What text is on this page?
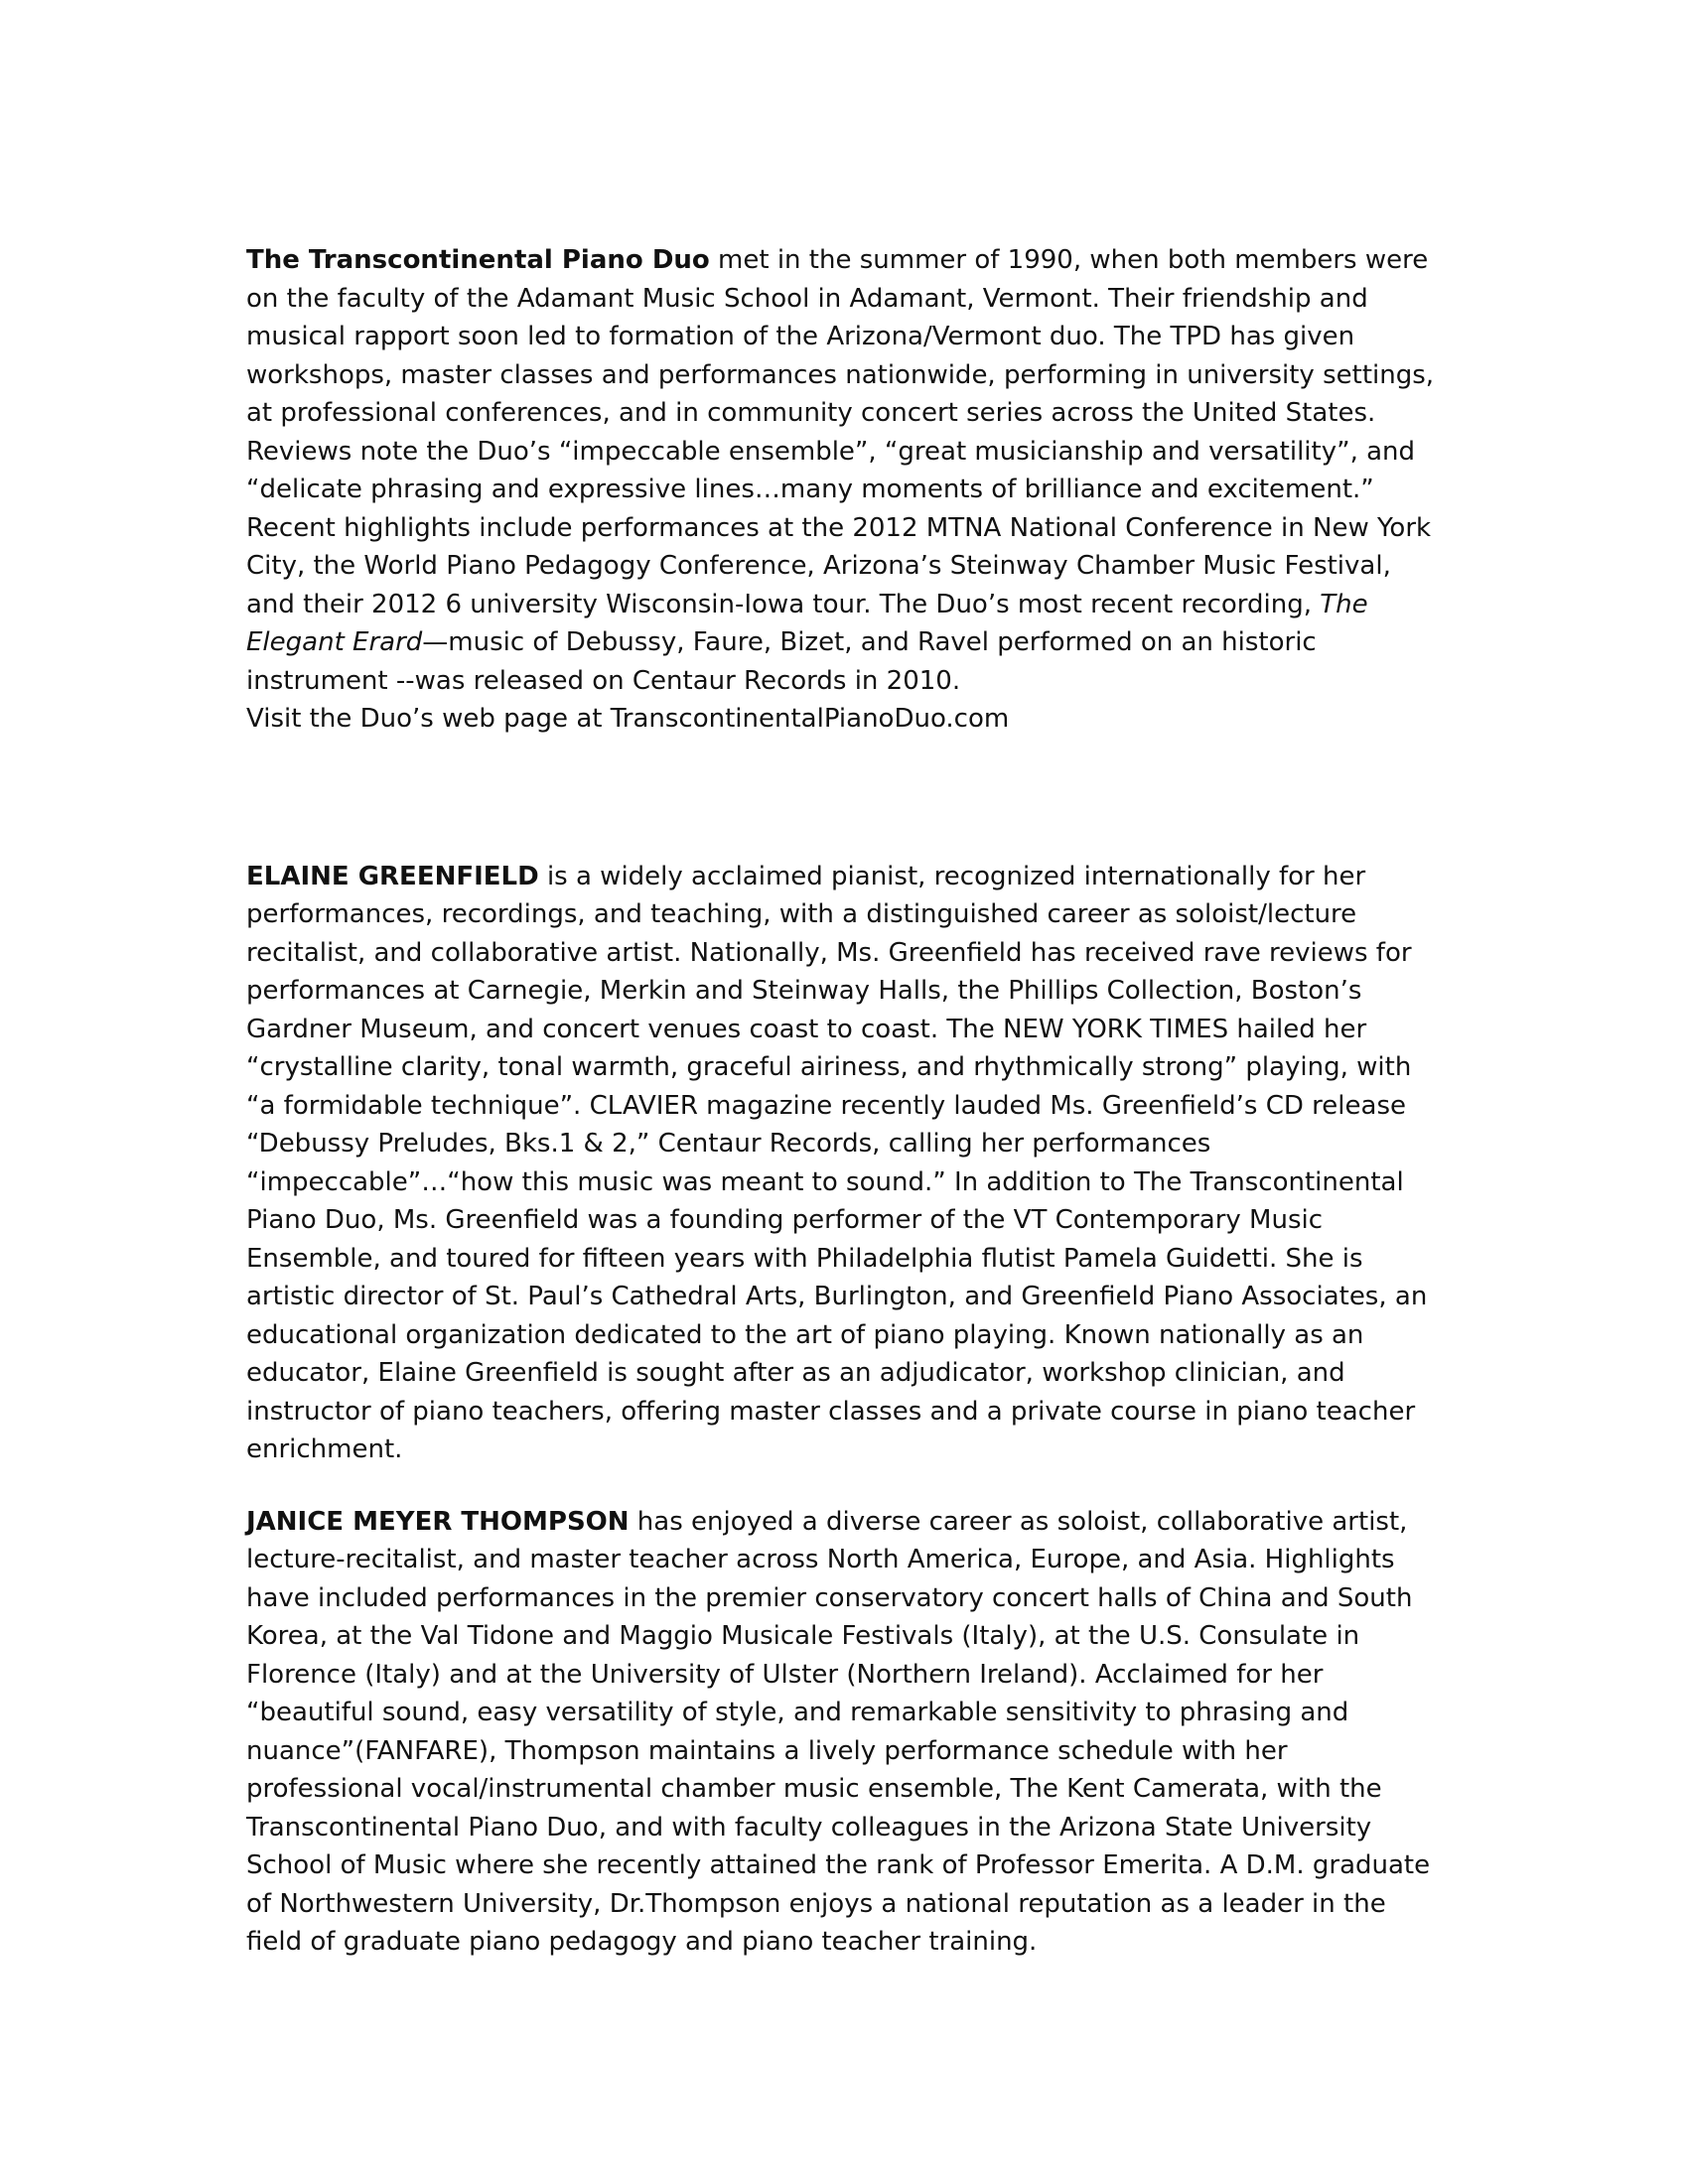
The Transcontinental Piano Duo met in the summer of 1990, when both members were on the faculty of the Adamant Music School in Adamant, Vermont. Their friendship and musical rapport soon led to formation of the Arizona/Vermont duo. The TPD has given workshops, master classes and performances nationwide, performing in university settings, at professional conferences, and in community concert series across the United States. Reviews note the Duo’s “impeccable ensemble”, “great musicianship and versatility”, and “delicate phrasing and expressive lines…many moments of brilliance and excitement.” Recent highlights include performances at the 2012 MTNA National Conference in New York City, the World Piano Pedagogy Conference, Arizona’s Steinway Chamber Music Festival, and their 2012 6 university Wisconsin-Iowa tour. The Duo’s most recent recording, The Elegant Erard—music of Debussy, Faure, Bizet, and Ravel performed on an historic instrument --was released on Centaur Records in 2010.

Visit the Duo’s web page at TranscontinentalPianoDuo.com

ELAINE GREENFIELD is a widely acclaimed pianist, recognized internationally for her performances, recordings, and teaching, with a distinguished career as soloist/lecture recitalist, and collaborative artist. Nationally, Ms. Greenfield has received rave reviews for performances at Carnegie, Merkin and Steinway Halls, the Phillips Collection, Boston’s Gardner Museum, and concert venues coast to coast. The NEW YORK TIMES hailed her “crystalline clarity, tonal warmth, graceful airiness, and rhythmically strong” playing, with “a formidable technique”. CLAVIER magazine recently lauded Ms. Greenfield’s CD release “Debussy Preludes, Bks.1 & 2,” Centaur Records, calling her performances “impeccable”…“how this music was meant to sound.” In addition to The Transcontinental Piano Duo, Ms. Greenfield was a founding performer of the VT Contemporary Music Ensemble, and toured for fifteen years with Philadelphia flutist Pamela Guidetti. She is artistic director of St. Paul’s Cathedral Arts, Burlington, and Greenfield Piano Associates, an educational organization dedicated to the art of piano playing. Known nationally as an educator, Elaine Greenfield is sought after as an adjudicator, workshop clinician, and instructor of piano teachers, offering master classes and a private course in piano teacher enrichment.

JANICE MEYER THOMPSON has enjoyed a diverse career as soloist, collaborative artist, lecture-recitalist, and master teacher across North America, Europe, and Asia. Highlights have included performances in the premier conservatory concert halls of China and South Korea, at the Val Tidone and Maggio Musicale Festivals (Italy), at the U.S. Consulate in Florence (Italy) and at the University of Ulster (Northern Ireland). Acclaimed for her “beautiful sound, easy versatility of style, and remarkable sensitivity to phrasing and nuance”(FANFARE), Thompson maintains a lively performance schedule with her professional vocal/instrumental chamber music ensemble, The Kent Camerata, with the Transcontinental Piano Duo, and with faculty colleagues in the Arizona State University School of Music where she recently attained the rank of Professor Emerita. A D.M. graduate of Northwestern University, Dr.Thompson enjoys a national reputation as a leader in the field of graduate piano pedagogy and piano teacher training.
